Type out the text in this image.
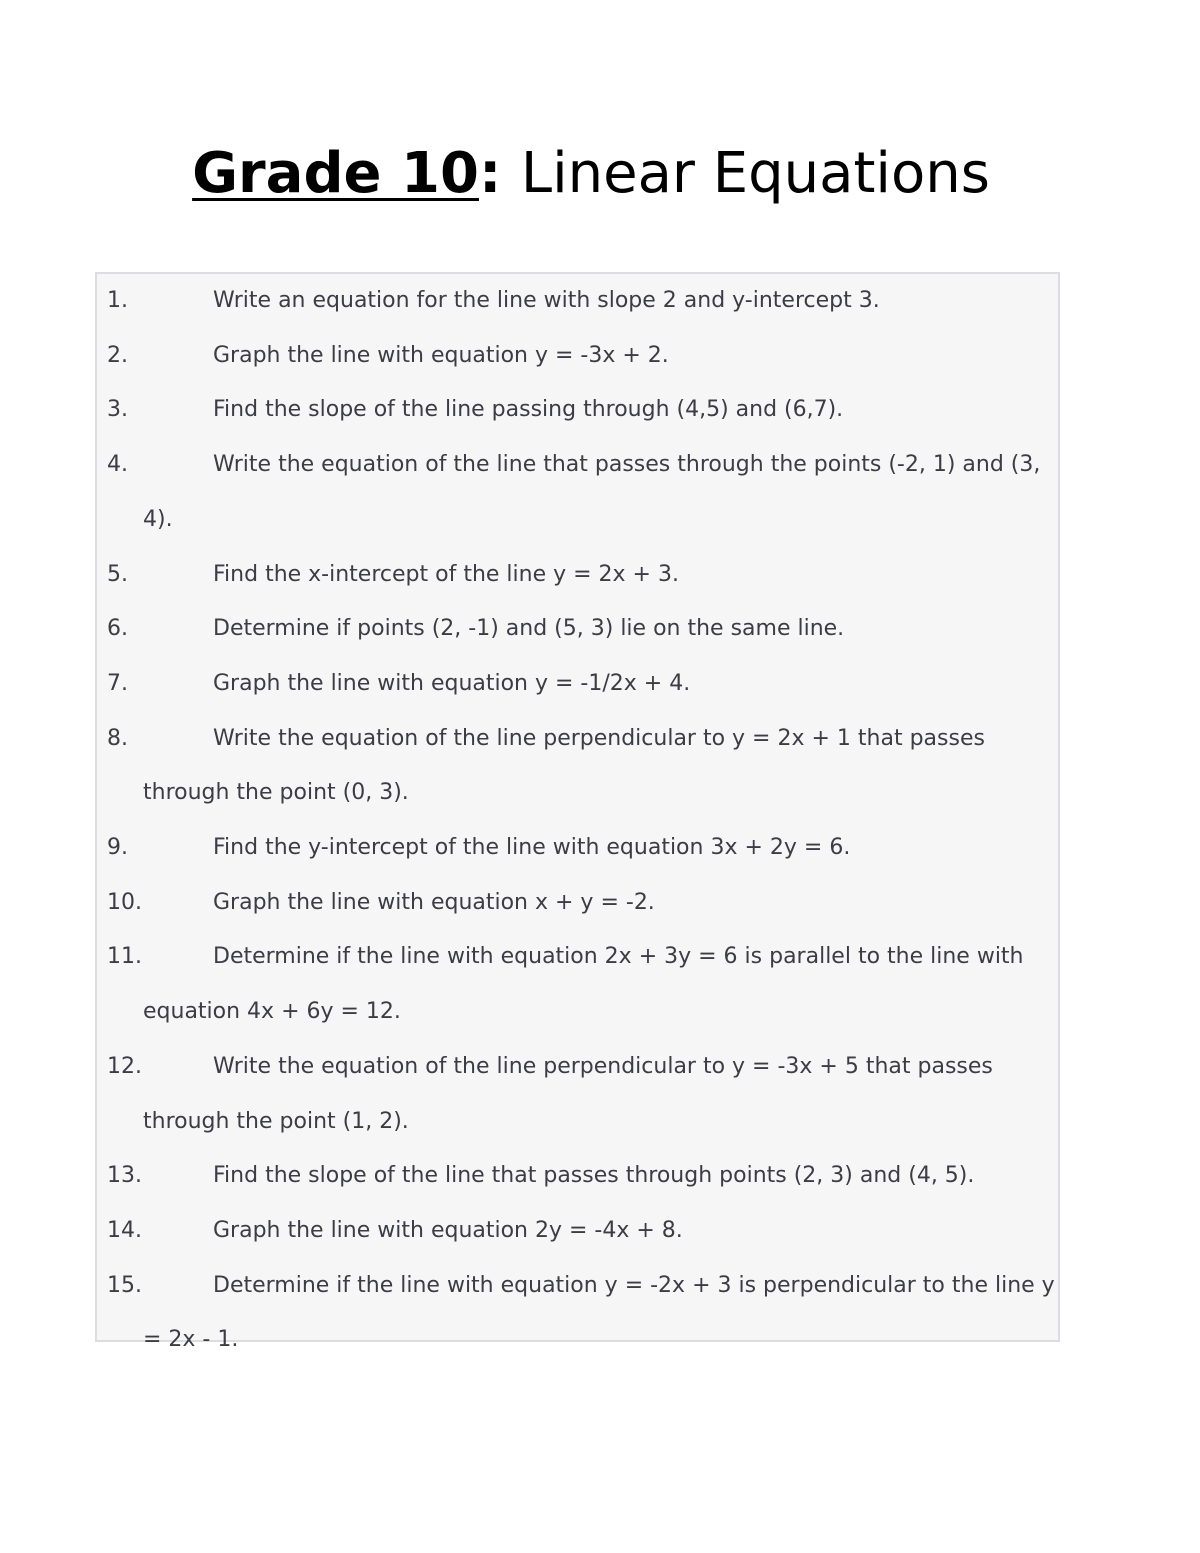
Grade 10: Linear Equations
1.	Write an equation for the line with slope 2 and y-intercept 3.
2.	Graph the line with equation y = -3x + 2.
3.	Find the slope of the line passing through (4,5) and (6,7).
4.	Write the equation of the line that passes through the points (-2, 1) and (3, 4).
5.	Find the x-intercept of the line y = 2x + 3.
6.	Determine if points (2, -1) and (5, 3) lie on the same line.
7.	Graph the line with equation y = -1/2x + 4.
8.	Write the equation of the line perpendicular to y = 2x + 1 that passes through the point (0, 3).
9.	Find the y-intercept of the line with equation 3x + 2y = 6.
10.	Graph the line with equation x + y = -2.
11.	Determine if the line with equation 2x + 3y = 6 is parallel to the line with equation 4x + 6y = 12.
12.	Write the equation of the line perpendicular to y = -3x + 5 that passes through the point (1, 2).
13.	Find the slope of the line that passes through points (2, 3) and (4, 5).
14.	Graph the line with equation 2y = -4x + 8.
15.	Determine if the line with equation y = -2x + 3 is perpendicular to the line y = 2x - 1.
